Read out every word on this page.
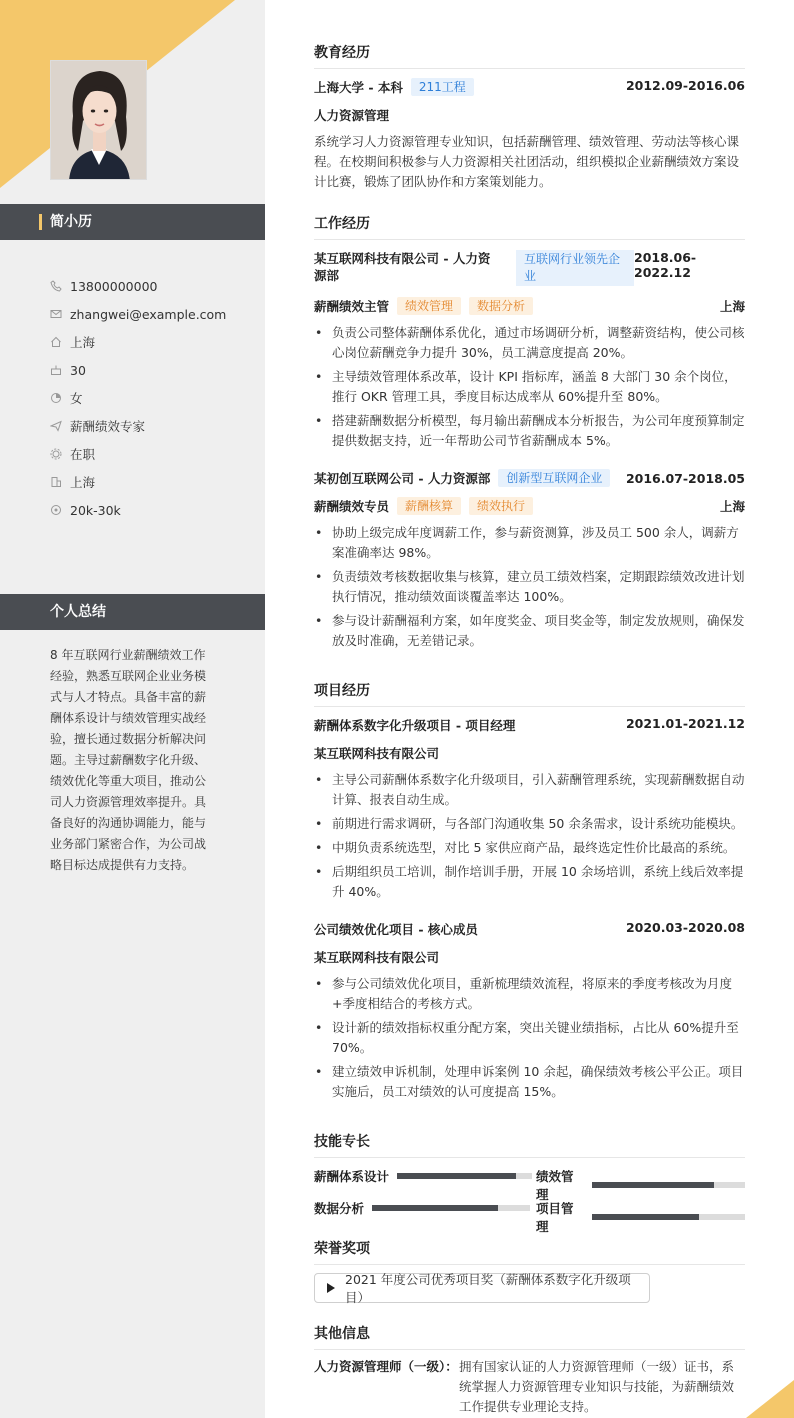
简小历
13800000000
zhangwei@example.com
上海
30
女
薪酬绩效专家
在职
上海
20k-30k
个人总结
8 年互联网行业薪酬绩效工作经验，熟悉互联网企业业务模式与人才特点。具备丰富的薪酬体系设计与绩效管理实战经验，擅长通过数据分析解决问题。主导过薪酬数字化升级、绩效优化等重大项目，推动公司人力资源管理效率提升。具备良好的沟通协调能力，能与业务部门紧密合作，为公司战略目标达成提供有力支持。
教育经历
上海大学 - 本科	211工程	2012.09-2016.06
人力资源管理
系统学习人力资源管理专业知识，包括薪酬管理、绩效管理、劳动法等核心课程。在校期间积极参与人力资源相关社团活动，组织模拟企业薪酬绩效方案设计比赛，锻炼了团队协作和方案策划能力。
工作经历
某互联网科技有限公司 - 人力资源部
互联网行业领先企业
2018.06-2022.12
薪酬绩效主管	绩效管理	数据分析	上海
• 负责公司整体薪酬体系优化，通过市场调研分析，调整薪资结构，使公司核心岗位薪酬竞争力提升 30%，员工满意度提高 20%。
• 主导绩效管理体系改革，设计 KPI 指标库，涵盖 8 大部门 30 余个岗位，推行 OKR 管理工具，季度目标达成率从 60%提升至 80%。
• 搭建薪酬数据分析模型，每月输出薪酬成本分析报告，为公司年度预算制定提供数据支持，近一年帮助公司节省薪酬成本 5%。
某初创互联网公司 - 人力资源部	创新型互联网企业	2016.07-2018.05
薪酬绩效专员	薪酬核算	绩效执行	上海
• 协助上级完成年度调薪工作，参与薪资测算，涉及员工 500 余人，调薪方案准确率达 98%。
• 负责绩效考核数据收集与核算，建立员工绩效档案，定期跟踪绩效改进计划执行情况，推动绩效面谈覆盖率达 100%。
• 参与设计薪酬福利方案，如年度奖金、项目奖金等，制定发放规则，确保发放及时准确，无差错记录。
项目经历
薪酬体系数字化升级项目 - 项目经理	2021.01-2021.12
某互联网科技有限公司
• 主导公司薪酬体系数字化升级项目，引入薪酬管理系统，实现薪酬数据自动计算、报表自动生成。
• 前期进行需求调研，与各部门沟通收集 50 余条需求，设计系统功能模块。
• 中期负责系统选型，对比 5 家供应商产品，最终选定性价比最高的系统。
• 后期组织员工培训，制作培训手册，开展 10 余场培训，系统上线后效率提升 40%。
公司绩效优化项目 - 核心成员	2020.03-2020.08
某互联网科技有限公司
• 参与公司绩效优化项目，重新梳理绩效流程，将原来的季度考核改为月度+季度相结合的考核方式。
• 设计新的绩效指标权重分配方案，突出关键业绩指标，占比从 60%提升至 70%。
• 建立绩效申诉机制，处理申诉案例 10 余起，确保绩效考核公平公正。项目实施后，员工对绩效的认可度提高 15%。
技能专长
薪酬体系设计	绩效管理
数据分析	项目管理
荣誉奖项
2021 年度公司优秀项目奖（薪酬体系数字化升级项目）
其他信息
人力资源管理师（一级）： 拥有国家认证的人力资源管理师（一级）证书，系统掌握人力资源管理专业知识与技能，为薪酬绩效工作提供专业理论支持。
